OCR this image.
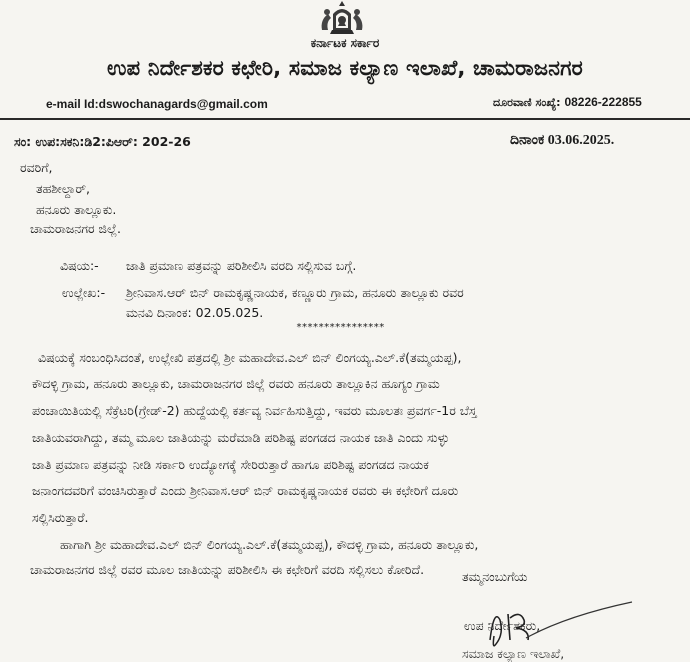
ಕರ್ನಾಟಕ ಸರ್ಕಾರ
ಉಪ ನಿರ್ದೇಶಕರ ಕಛೇರಿ, ಸಮಾಜ ಕಲ್ಯಾಣ ಇಲಾಖೆ, ಚಾಮರಾಜನಗರ
e-mail Id:dswochanagards@gmail.com	ದೂರವಾಣಿ ಸಂಖ್ಯೆ: 08226-222855
ಸಂ: ಉಪ:ಸಕನಿ:ಡಿ2:ಪಿಆರ್: 202-26	ದಿನಾಂಕ 03.06.2025.
ರವರಿಗೆ,
ತಹಶೀಲ್ದಾರ್,
ಹನೂರು ತಾಲ್ಲೂಕು.
ಚಾಮರಾಜನಗರ ಜಿಲ್ಲೆ.
ವಿಷಯ:- ಜಾತಿ ಪ್ರಮಾಣ ಪತ್ರವನ್ನು ಪರಿಶೀಲಿಸಿ ವರದಿ ಸಲ್ಲಿಸುವ ಬಗ್ಗೆ.
ಉಲ್ಲೇಖ:- ಶ್ರೀನಿವಾಸ.ಆರ್ ಬಿನ್ ರಾಮಕೃಷ್ಣನಾಯಕ, ಕಣ್ಣೂರು ಗ್ರಾಮ, ಹನೂರು ತಾಲ್ಲೂಕು ರವರ
ಮನವಿ ದಿನಾಂಕ: 02.05.025.
****************
ವಿಷಯಕ್ಕೆ ಸಂಬಂಧಿಸಿದಂತೆ, ಉಲ್ಲೇಖಿ ಪತ್ರದಲ್ಲಿ ಶ್ರೀ ಮಹಾದೇವ.ಎಲ್ ಬಿನ್ ಲಿಂಗಯ್ಯ.ಎಲ್.ಕೆ(ತಮ್ಮಯಪ್ಪ),
ಕೌದಳ್ಳಿ ಗ್ರಾಮ, ಹನೂರು ತಾಲ್ಲೂಕು, ಚಾಮರಾಜನಗರ ಜಿಲ್ಲೆ ರವರು ಹನೂರು ತಾಲ್ಲೂಕಿನ ಹೂಗ್ಯಂ ಗ್ರಾಮ
ಪಂಚಾಯಿತಿಯಲ್ಲಿ ಸೆಕ್ರೆಟರಿ(ಗ್ರೇಡ್-2) ಹುದ್ದೆಯಲ್ಲಿ ಕರ್ತವ್ಯ ನಿರ್ವಹಿಸುತ್ತಿದ್ದು, ಇವರು ಮೂಲತಃ ಪ್ರವರ್ಗ-1ರ ಬೆಸ್ತ
ಜಾತಿಯವರಾಗಿದ್ದು, ತಮ್ಮ ಮೂಲ ಜಾತಿಯನ್ನು ಮರೆಮಾಡಿ ಪರಿಶಿಷ್ಟ ಪಂಗಡದ ನಾಯಕ ಜಾತಿ ಎಂದು ಸುಳ್ಳು
ಜಾತಿ ಪ್ರಮಾಣ ಪತ್ರವನ್ನು ನೀಡಿ ಸರ್ಕಾರಿ ಉದ್ಯೋಗಕ್ಕೆ ಸೇರಿರುತ್ತಾರೆ ಹಾಗೂ ಪರಿಶಿಷ್ಟ ಪಂಗಡದ ನಾಯಕ
ಜನಾಂಗದವರಿಗೆ ವಂಚಿಸಿರುತ್ತಾರೆ ಎಂದು ಶ್ರೀನಿವಾಸ.ಆರ್ ಬಿನ್ ರಾಮಕೃಷ್ಣನಾಯಕ ರವರು ಈ ಕಛೇರಿಗೆ ದೂರು
ಸಲ್ಲಿಸಿರುತ್ತಾರೆ.
ಹಾಗಾಗಿ ಶ್ರೀ ಮಹಾದೇವ.ಎಲ್ ಬಿನ್ ಲಿಂಗಯ್ಯ.ಎಲ್.ಕೆ(ತಮ್ಮಯಪ್ಪ), ಕೌದಳ್ಳಿ ಗ್ರಾಮ, ಹನೂರು ತಾಲ್ಲೂಕು,
ಚಾಮರಾಜನಗರ ಜಿಲ್ಲೆ ರವರ ಮೂಲ ಜಾತಿಯನ್ನು ಪರಿಶೀಲಿಸಿ ಈ ಕಛೇರಿಗೆ ವರದಿ ಸಲ್ಲಿಸಲು ಕೋರಿದೆ.	ತಮ್ಮನಂಬುಗೆಯ
ಉಪ ನಿರ್ದೇಶಕರು,
ಸಮಾಜ ಕಲ್ಯಾಣ ಇಲಾಖೆ,
